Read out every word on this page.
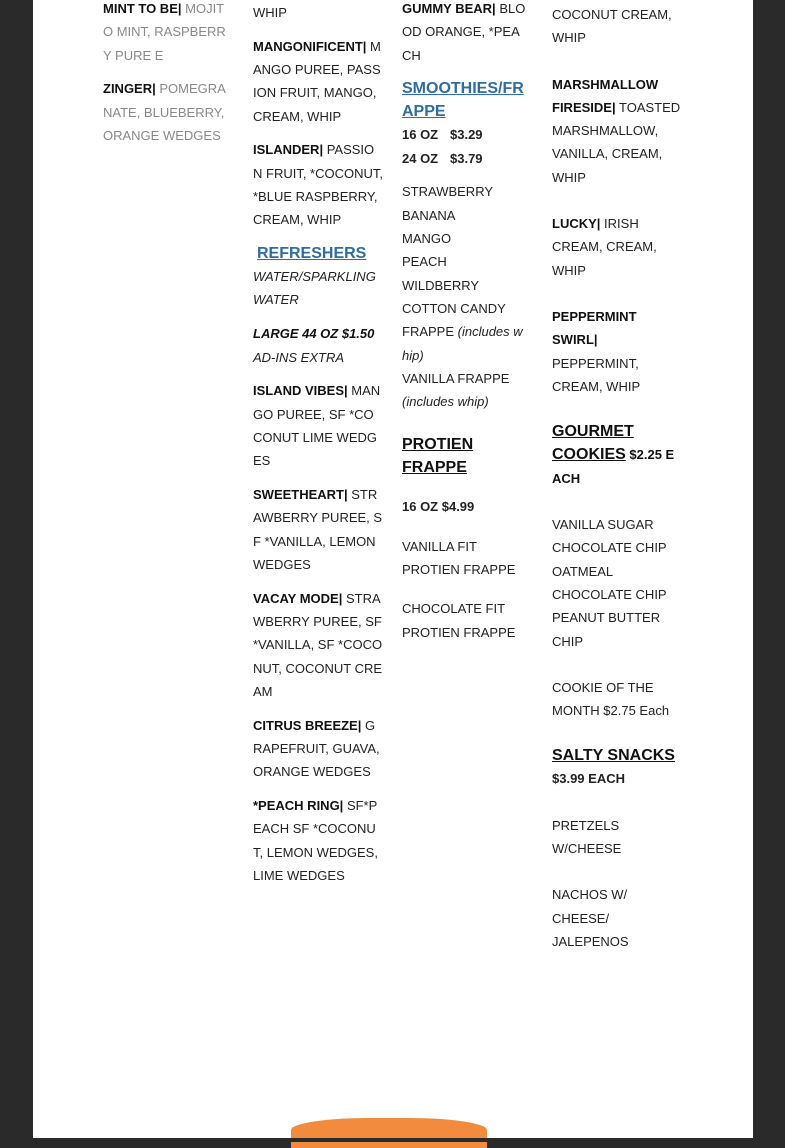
MINT TO BE| MOJITO MINT, RASPBERRY PURE E
ZINGER| POMEGRA NATE, BLUEBERRY, ORANGE WEDGES
WHIP
MANGONIFICENT| MANGO PUREE, PASSION FRUIT, MANGO, CREAM, WHIP
ISLANDER| PASSIO N FRUIT, *COCONUT, *BLUE RASPBERRY, CREAM, WHIP
REFRESHERS
WATER/SPARKLING WATER
LARGE 44 OZ $1.50 AD-INS EXTRA
ISLAND VIBES| MANGO PUREE, SF *COCONUT LIME WEDGES
SWEETHEART| STR AWBERRY PUREE, SF *VANILLA, LEMON WEDGES
VACAY MODE| STRAWBERRY PUREE, SF *VANILLA, SF *COCONUT, COCONUT CREAM
CITRUS BREEZE| GRAPEFRUIT, GUAVA, ORANGE WEDGES
*PEACH RING| SF*PEACH SF *COCONUT, LEMON WEDGES, LIME WEDGES
GUMMY BEAR| BLOOD ORANGE, *PEACH
SMOOTHIES/FRAPPE
16 OZ $3.29
24 OZ $3.79
STRAWBERRY
BANANA
MANGO
PEACH
WILDBERRY
COTTON CANDY
FRAPPE (includes whip)
VANILLA FRAPPE
(includes whip)
PROTIEN FRAPPE
16 OZ $4.99
VANILLA FIT PROTIEN FRAPPE
CHOCOLATE FIT PROTIEN FRAPPE
COCONUT CREAM, WHIP
MARSHMALLOW FIRESIDE| TOASTED MARSHMALLOW, VANILLA, CREAM, WHIP
LUCKY| IRISH CREAM, CREAM, WHIP
PEPPERMINT SWIRL| PEPPERMINT, CREAM, WHIP
GOURMET COOKIES $2.25 EACH
VANILLA SUGAR
CHOCOLATE CHIP
OATMEAL
CHOCOLATE CHIP
PEANUT BUTTER CHIP
COOKIE OF THE MONTH $2.75 Each
SALTY SNACKS
$3.99 EACH
PRETZELS W/CHEESE
NACHOS W/ CHEESE/ JALEPENOS
